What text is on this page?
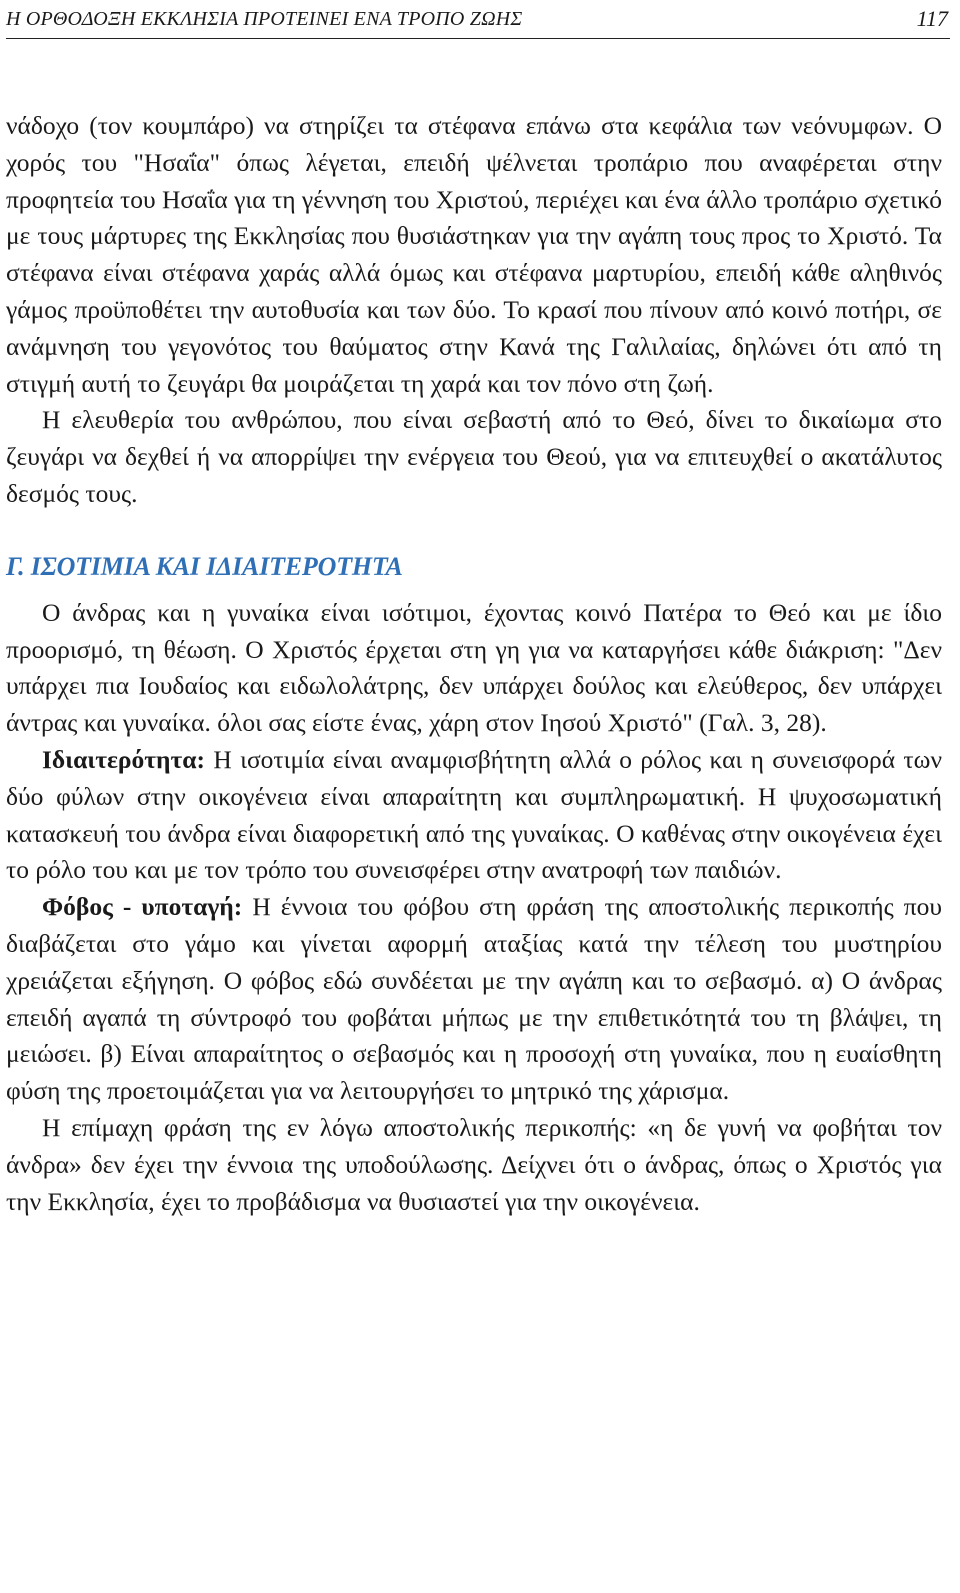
Η ΟΡΘΟΔΟΞΗ ΕΚΚΛΗΣΙΑ ΠΡΟΤΕΙΝΕΙ ΕΝΑ ΤΡΟΠΟ ΖΩΗΣ	117

νάδοχο (τον κουμπάρο) να στηρίζει τα στέφανα επάνω στα κεφάλια των νεόνυμφων. Ο χορός του "Ησαΐα" όπως λέγεται, επειδή ψέλνεται τροπάριο που αναφέρεται στην προφητεία του Ησαΐα για τη γέννηση του Χριστού, περιέχει και ένα άλλο τροπάριο σχετικό με τους μάρτυρες της Εκκλησίας που θυσιάστηκαν για την αγάπη τους προς το Χριστό. Τα στέφανα είναι στέφανα χαράς αλλά όμως και στέφανα μαρτυρίου, επειδή κάθε αληθινός γάμος προϋποθέτει την αυτοθυσία και των δύο. Το κρασί που πίνουν από κοινό ποτήρι, σε ανάμνηση του γεγονότος του θαύματος στην Κανά της Γαλιλαίας, δηλώνει ότι από τη στιγμή αυτή το ζευγάρι θα μοιράζεται τη χαρά και τον πόνο στη ζωή.

Η ελευθερία του ανθρώπου, που είναι σεβαστή από το Θεό, δίνει το δικαίωμα στο ζευγάρι να δεχθεί ή να απορρίψει την ενέργεια του Θεού, για να επιτευχθεί ο ακατάλυτος δεσμός τους.

Γ. ΙΣΟΤΙΜΙΑ ΚΑΙ ΙΔΙΑΙΤΕΡΟΤΗΤΑ

Ο άνδρας και η γυναίκα είναι ισότιμοι, έχοντας κοινό Πατέρα το Θεό και με ίδιο προορισμό, τη θέωση. Ο Χριστός έρχεται στη γη για να καταργήσει κάθε διάκριση: "Δεν υπάρχει πια Ιουδαίος και ειδωλολάτρης, δεν υπάρχει δούλος και ελεύθερος, δεν υπάρχει άντρας και γυναίκα. όλοι σας είστε ένας, χάρη στον Ιησού Χριστό" (Γαλ. 3, 28).

Ιδιαιτερότητα: Η ισοτιμία είναι αναμφισβήτητη αλλά ο ρόλος και η συνεισφορά των δύο φύλων στην οικογένεια είναι απαραίτητη και συμπληρωματική. Η ψυχοσωματική κατασκευή του άνδρα είναι διαφορετική από της γυναίκας. Ο καθένας στην οικογένεια έχει το ρόλο του και με τον τρόπο του συνεισφέρει στην ανατροφή των παιδιών.

Φόβος - υποταγή: Η έννοια του φόβου στη φράση της αποστολικής περικοπής που διαβάζεται στο γάμο και γίνεται αφορμή αταξίας κατά την τέλεση του μυστηρίου χρειάζεται εξήγηση. Ο φόβος εδώ συνδέεται με την αγάπη και το σεβασμό. α) Ο άνδρας επειδή αγαπά τη σύντροφό του φοβάται μήπως με την επιθετικότητά του τη βλάψει, τη μειώσει. β) Είναι απαραίτητος ο σεβασμός και η προσοχή στη γυναίκα, που η ευαίσθητη φύση της προετοιμάζεται για να λειτουργήσει το μητρικό της χάρισμα.

Η επίμαχη φράση της εν λόγω αποστολικής περικοπής: «η δε γυνή να φοβήται τον άνδρα» δεν έχει την έννοια της υποδούλωσης. Δείχνει ότι ο άνδρας, όπως ο Χριστός για την Εκκλησία, έχει το προβάδισμα να θυσιαστεί για την οικογένεια.
